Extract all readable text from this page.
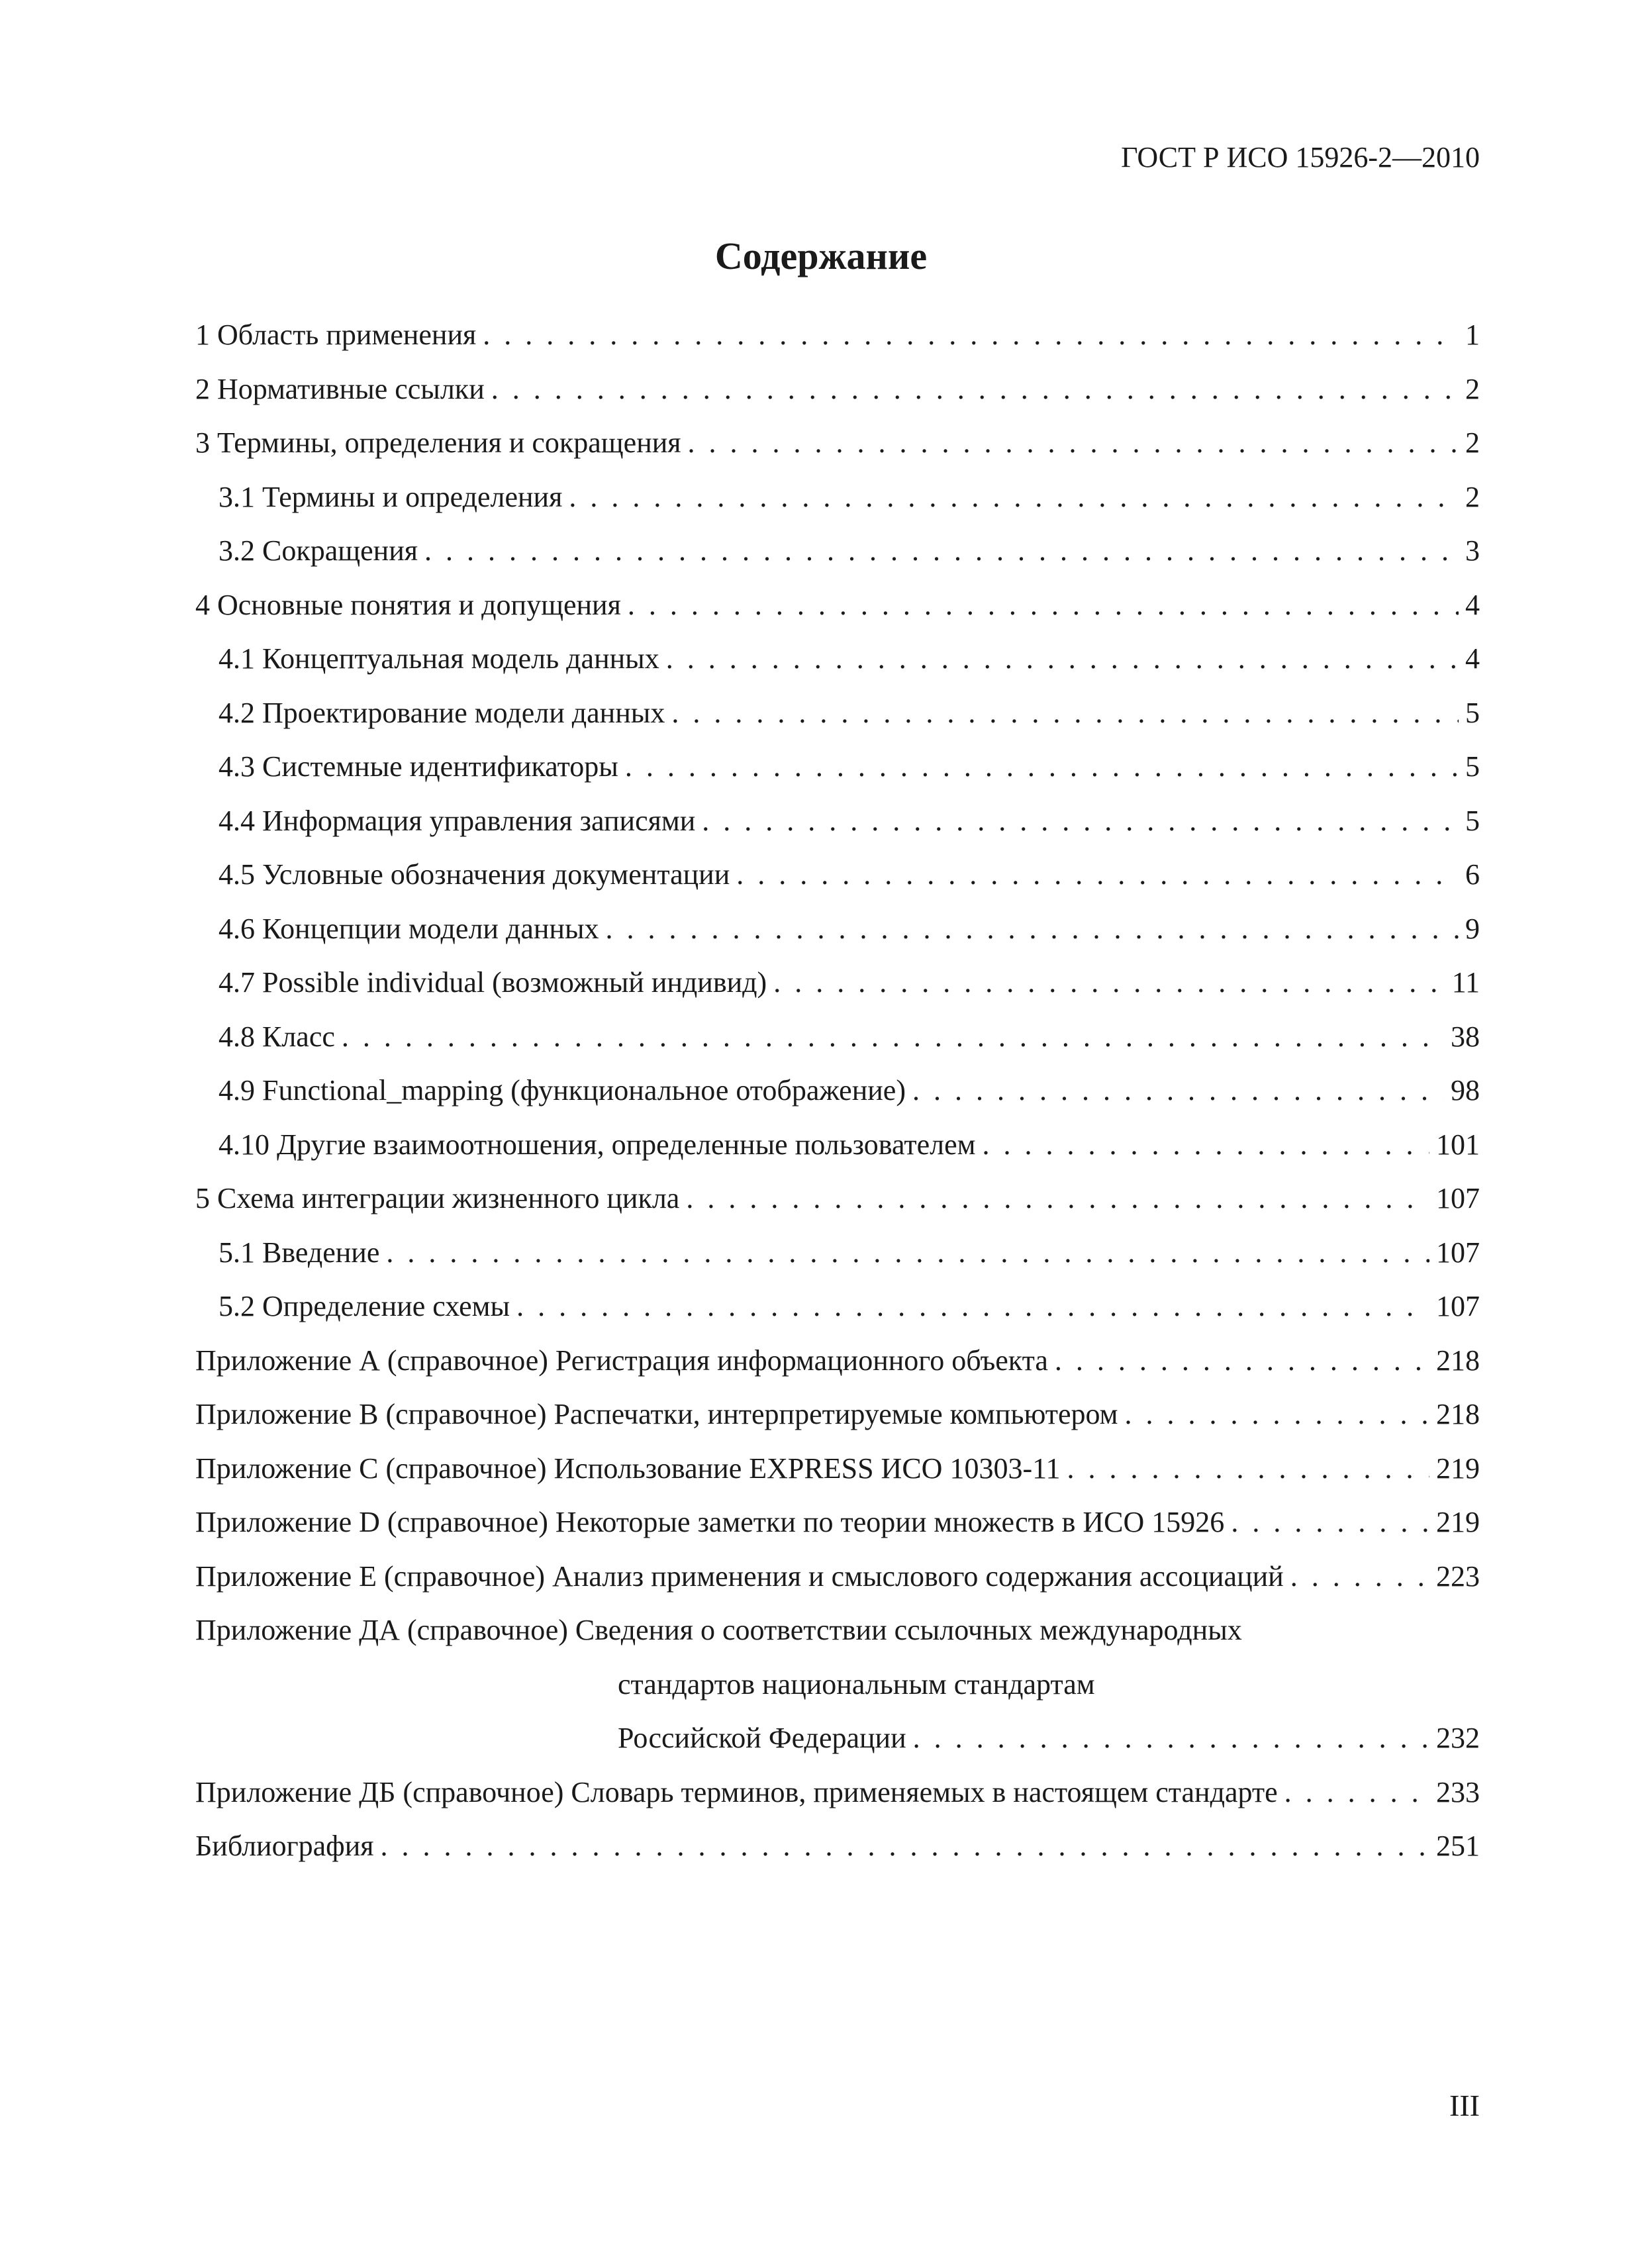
ГОСТ Р ИСО 15926-2—2010
Содержание
1 Область применения . . .	1
2 Нормативные ссылки . . .	2
3 Термины, определения и сокращения . . .	2
3.1 Термины и определения . . .	2
3.2 Сокращения . . .	3
4 Основные понятия и допущения . . .	4
4.1 Концептуальная модель данных . . .	4
4.2 Проектирование модели данных . . .	5
4.3 Системные идентификаторы . . .	5
4.4 Информация управления записями . . .	5
4.5 Условные обозначения документации . . .	6
4.6 Концепции модели данных . . .	9
4.7 Possible individual (возможный индивид) . . .	11
4.8 Класс . . .	38
4.9 Functional_mapping (функциональное отображение) . . .	98
4.10 Другие взаимоотношения, определенные пользователем . . .	101
5 Схема интеграции жизненного цикла . . .	107
5.1 Введение . . .	107
5.2 Определение схемы . . .	107
Приложение А (справочное) Регистрация информационного объекта . . .	218
Приложение В (справочное) Распечатки, интерпретируемые компьютером . . .	218
Приложение С (справочное) Использование EXPRESS ИСО 10303-11 . . .	219
Приложение D (справочное) Некоторые заметки по теории множеств в ИСО 15926 . . .	219
Приложение E (справочное) Анализ применения и смыслового содержания ассоциаций . . .	223
Приложение ДА (справочное) Сведения о соответствии ссылочных международных
стандартов национальным стандартам
Российской Федерации . . .	232
Приложение ДБ (справочное) Словарь терминов, применяемых в настоящем стандарте . . .	233
Библиография . . .	251
III
